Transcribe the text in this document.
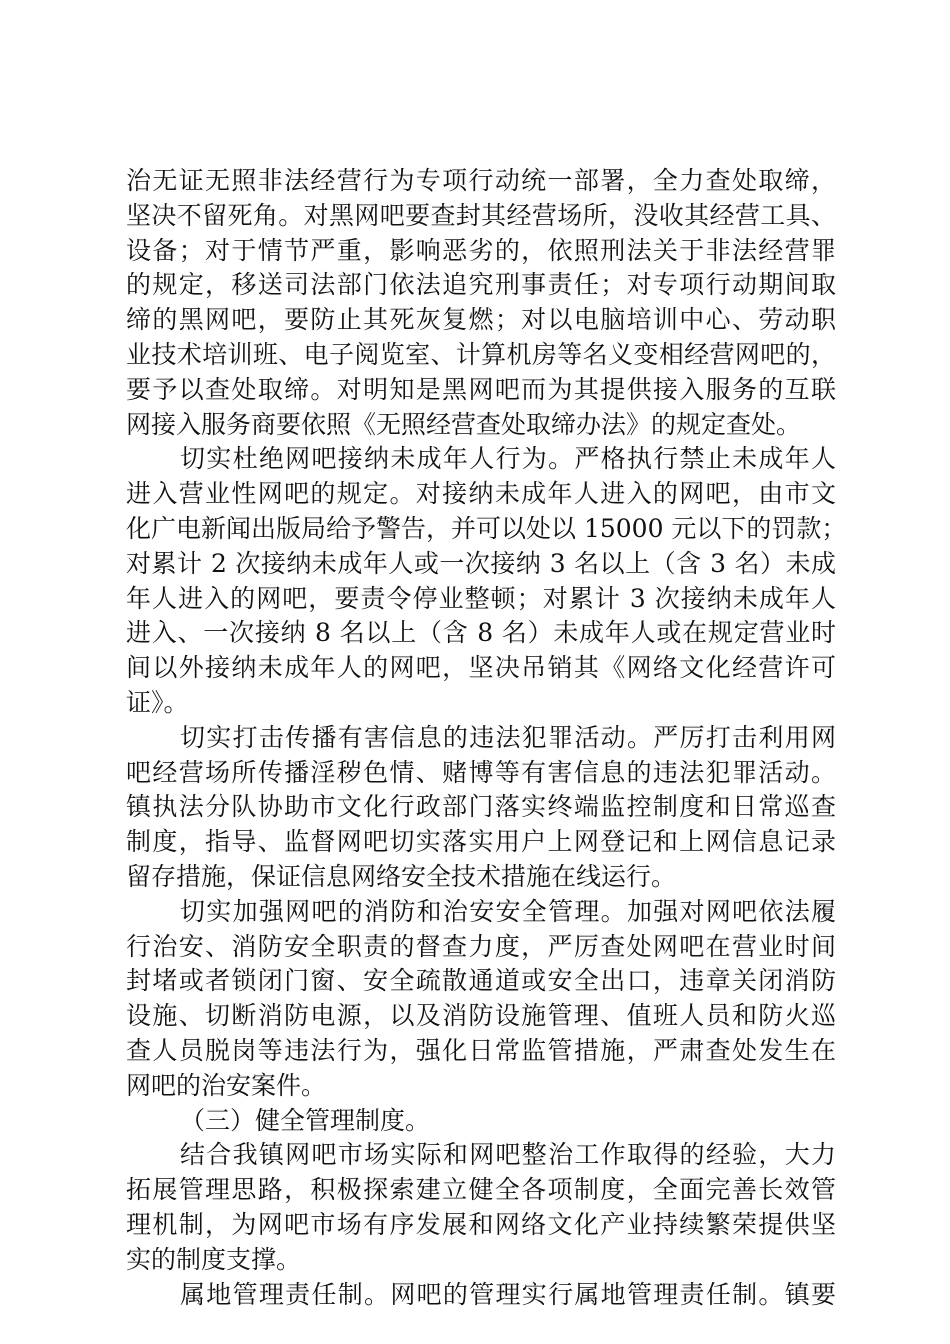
治无证无照非法经营行为专项行动统一部署，全力查处取缔，
坚决不留死角。对黑网吧要查封其经营场所，没收其经营工具、
设备；对于情节严重，影响恶劣的，依照刑法关于非法经营罪
的规定，移送司法部门依法追究刑事责任；对专项行动期间取
缔的黑网吧，要防止其死灰复燃；对以电脑培训中心、劳动职
业技术培训班、电子阅览室、计算机房等名义变相经营网吧的，
要予以查处取缔。对明知是黑网吧而为其提供接入服务的互联
网接入服务商要依照《无照经营查处取缔办法》的规定查处。
切实杜绝网吧接纳未成年人行为。严格执行禁止未成年人
进入营业性网吧的规定。对接纳未成年人进入的网吧，由市文
化广电新闻出版局给予警告，并可以处以 15000 元以下的罚款；
对累计 2 次接纳未成年人或一次接纳 3 名以上（含 3 名）未成
年人进入的网吧，要责令停业整顿；对累计 3 次接纳未成年人
进入、一次接纳 8 名以上（含 8 名）未成年人或在规定营业时
间以外接纳未成年人的网吧，坚决吊销其《网络文化经营许可
证》。
切实打击传播有害信息的违法犯罪活动。严厉打击利用网
吧经营场所传播淫秽色情、赌博等有害信息的违法犯罪活动。
镇执法分队协助市文化行政部门落实终端监控制度和日常巡查
制度，指导、监督网吧切实落实用户上网登记和上网信息记录
留存措施，保证信息网络安全技术措施在线运行。
切实加强网吧的消防和治安安全管理。加强对网吧依法履
行治安、消防安全职责的督查力度，严厉查处网吧在营业时间
封堵或者锁闭门窗、安全疏散通道或安全出口，违章关闭消防
设施、切断消防电源，以及消防设施管理、值班人员和防火巡
查人员脱岗等违法行为，强化日常监管措施，严肃查处发生在
网吧的治安案件。
（三）健全管理制度。
结合我镇网吧市场实际和网吧整治工作取得的经验，大力
拓展管理思路，积极探索建立健全各项制度，全面完善长效管
理机制，为网吧市场有序发展和网络文化产业持续繁荣提供坚
实的制度支撑。
属地管理责任制。网吧的管理实行属地管理责任制。镇要
